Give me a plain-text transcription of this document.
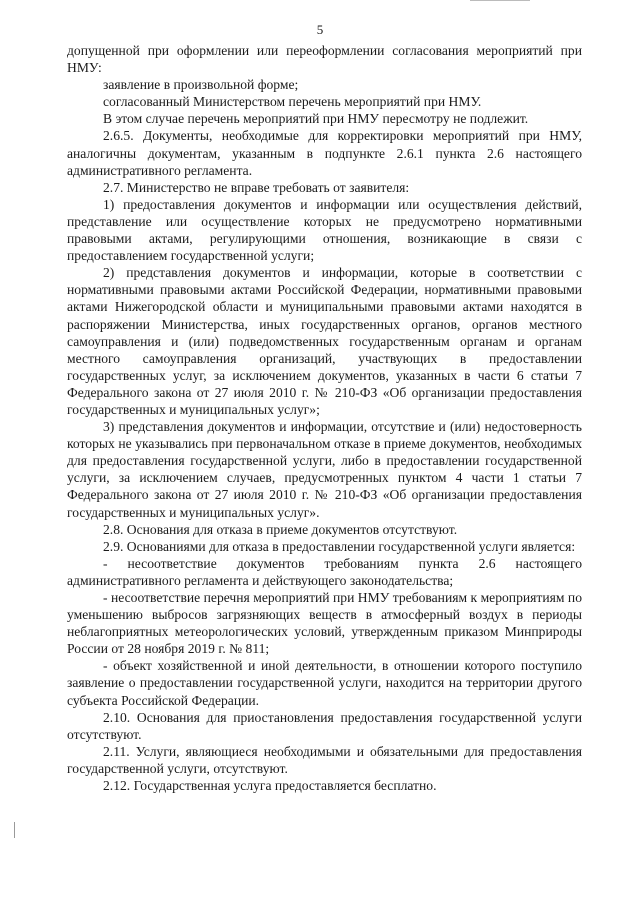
5

допущенной при оформлении или переоформлении согласования мероприятий при НМУ:

заявление в произвольной форме;

согласованный Министерством перечень мероприятий при НМУ.

В этом случае перечень мероприятий при НМУ пересмотру не подлежит.

2.6.5. Документы, необходимые для корректировки мероприятий при НМУ, аналогичны документам, указанным в подпункте 2.6.1 пункта 2.6 настоящего административного регламента.

2.7. Министерство не вправе требовать от заявителя:

1) предоставления документов и информации или осуществления действий, представление или осуществление которых не предусмотрено нормативными правовыми актами, регулирующими отношения, возникающие в связи с предоставлением государственной услуги;

2) представления документов и информации, которые в соответствии с нормативными правовыми актами Российской Федерации, нормативными правовыми актами Нижегородской области и муниципальными правовыми актами находятся в распоряжении Министерства, иных государственных органов, органов местного самоуправления и (или) подведомственных государственным органам и органам местного самоуправления организаций, участвующих в предоставлении государственных услуг, за исключением документов, указанных в части 6 статьи 7 Федерального закона от 27 июля 2010 г. № 210-ФЗ «Об организации предоставления государственных и муниципальных услуг»;

3) представления документов и информации, отсутствие и (или) недостоверность которых не указывались при первоначальном отказе в приеме документов, необходимых для предоставления государственной услуги, либо в предоставлении государственной услуги, за исключением случаев, предусмотренных пунктом 4 части 1 статьи 7 Федерального закона от 27 июля 2010 г. № 210-ФЗ «Об организации предоставления государственных и муниципальных услуг».

2.8. Основания для отказа в приеме документов отсутствуют.

2.9. Основаниями для отказа в предоставлении государственной услуги является:

- несоответствие документов требованиям пункта 2.6 настоящего административного регламента и действующего законодательства;

- несоответствие перечня мероприятий при НМУ требованиям к мероприятиям по уменьшению выбросов загрязняющих веществ в атмосферный воздух в периоды неблагоприятных метеорологических условий, утвержденным приказом Минприроды России от 28 ноября 2019 г. № 811;

- объект хозяйственной и иной деятельности, в отношении которого поступило заявление о предоставлении государственной услуги, находится на территории другого субъекта Российской Федерации.

2.10. Основания для приостановления предоставления государственной услуги отсутствуют.

2.11. Услуги, являющиеся необходимыми и обязательными для предоставления государственной услуги, отсутствуют.

2.12. Государственная услуга предоставляется бесплатно.
